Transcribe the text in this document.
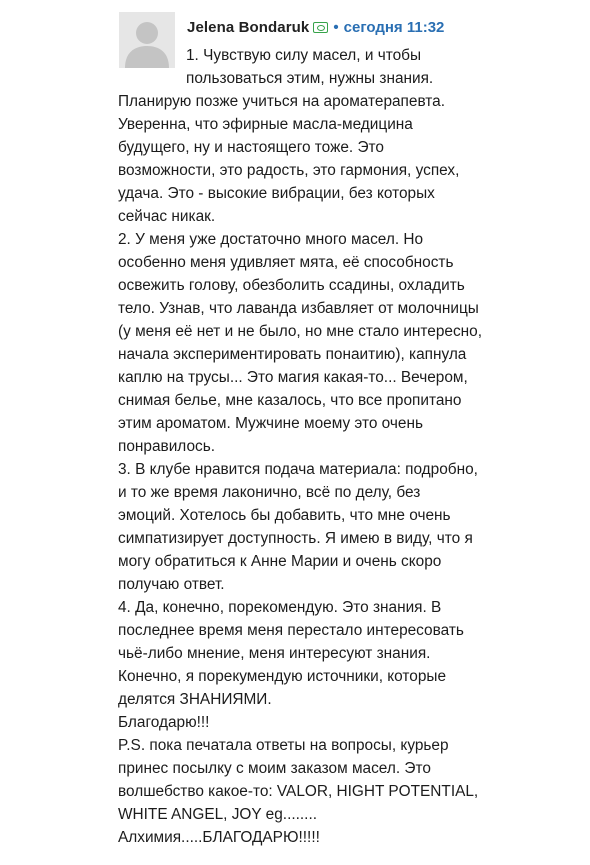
Jelena Bondaruk • сегодня 11:32
1. Чувствую силу масел, и чтобы
пользоваться этим, нужны знания.
Планирую позже учиться на ароматерапевта.
Уверенна, что эфирные масла-медицина
будущего, ну и настоящего тоже. Это
возможности, это радость, это гармония, успех,
удача. Это - высокие вибрации, без которых
сейчас никак.
2. У меня уже достаточно много масел. Но
особенно меня удивляет мята, её способность
освежить голову, обезболить ссадины, охладить
тело. Узнав, что лаванда избавляет от молочницы
(у меня её нет и не было, но мне стало интересно,
начала экспериментировать понаитию), капнула
каплю на трусы... Это магия какая-то... Вечером,
снимая белье, мне казалось, что все пропитано
этим ароматом. Мужчине моему это очень
понравилось.
3. В клубе нравится подача материала: подробно,
и то же время лаконично, всё по делу, без
эмоций. Хотелось бы добавить, что мне очень
симпатизирует доступность. Я имею в виду, что я
могу обратиться к Анне Марии и очень скоро
получаю ответ.
4. Да, конечно, порекомендую. Это знания. В
последнее время меня перестало интересовать
чьё-либо мнение, меня интересуют знания.
Конечно, я порекумендую источники, которые
делятся ЗНАНИЯМИ.
Благодарю!!!
P.S. пока печатала ответы на вопросы, курьер
принес посылку с моим заказом масел. Это
волшебство какое-то: VALOR, HIGHT POTENTIAL,
WHITE ANGEL, JOY eg........
Алхимия.....БЛАГОДАРЮ!!!!!
